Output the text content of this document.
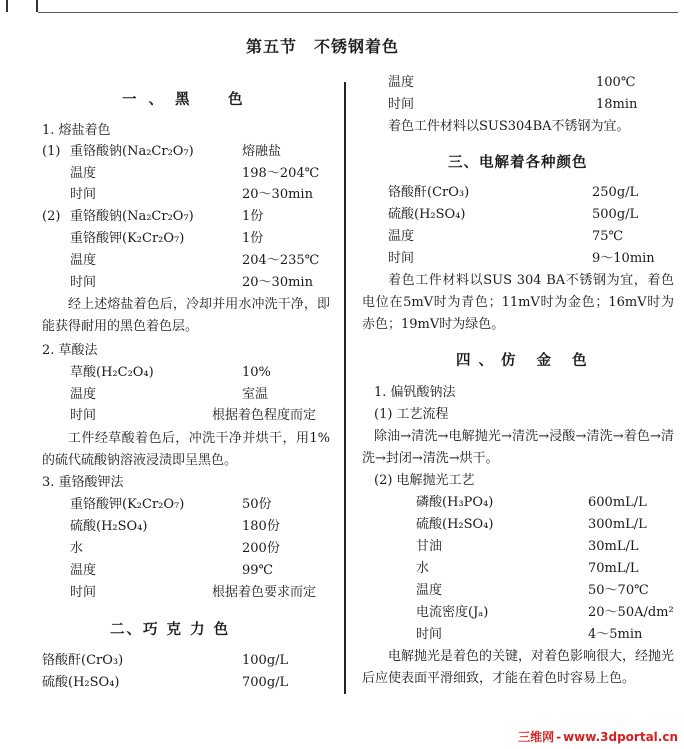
第五节　不锈钢着色
一、黑　色
1. 熔盐着色
(1) 重铬酸钠(Na₂Cr₂O₇)	熔融盐
温度	198～204℃
时间	20～30min
(2) 重铬酸钠(Na₂Cr₂O₇)	1份
重铬酸钾(K₂Cr₂O₇)	1份
温度	204～235℃
时间	20～30min
经上述熔盐着色后，冷却并用水冲洗干净，即能获得耐用的黑色着色层。
2. 草酸法
草酸(H₂C₂O₄)	10%
温度	室温
时间	根据着色程度而定
工件经草酸着色后，冲洗干净并烘干，用1%的硫代硫酸钠溶液浸渍即呈黑色。
3. 重铬酸钾法
重铬酸钾(K₂Cr₂O₇)	50份
硫酸(H₂SO₄)	180份
水	200份
温度	99℃
时间	根据着色要求而定
二、巧 克 力 色
铬酸酐(CrO₃)	100g/L
硫酸(H₂SO₄)	700g/L
温度	100℃
时间	18min
着色工件材料以SUS304BA不锈钢为宜。
三、电解着各种颜色
铬酸酐(CrO₃)	250g/L
硫酸(H₂SO₄)	500g/L
温度	75℃
时间	9～10min
着色工件材料以SUS 304 BA不锈钢为宜，着色电位在5mV时为青色；11mV时为金色；16mV时为赤色；19mV时为绿色。
四、仿 金 色
1. 偏钒酸钠法
(1) 工艺流程
除油→清洗→电解抛光→清洗→浸酸→清洗→着色→清洗→封闭→清洗→烘干。
(2) 电解抛光工艺
磷酸(H₃PO₄)	600mL/L
硫酸(H₂SO₄)	300mL/L
甘油	30mL/L
水	70mL/L
温度	50～70℃
电流密度(Jₐ)	20～50A/dm²
时间	4～5min
电解抛光是着色的关键，对着色影响很大，经抛光后应使表面平滑细致，才能在着色时容易上色。
三维网 - www.3dportal.cn
